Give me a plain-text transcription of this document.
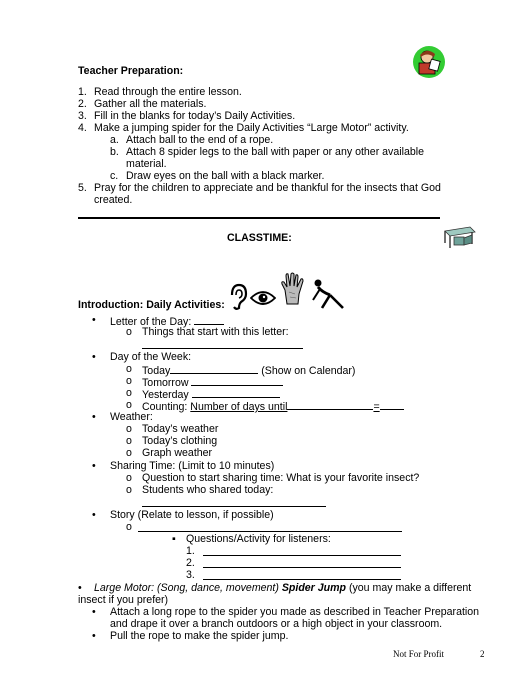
Teacher Preparation:
1. Read through the entire lesson.
2. Gather all the materials.
3. Fill in the blanks for today’s Daily Activities.
4. Make a jumping spider for the Daily Activities “Large Motor” activity.
a. Attach ball to the end of a rope.
b. Attach 8 spider legs to the ball with paper or any other available
material.
c. Draw eyes on the ball with a black marker.
5. Pray for the children to appreciate and be thankful for the insects that God
created.
CLASSTIME:
Introduction: Daily Activities:
• Letter of the Day:
o Things that start with this letter:
• Day of the Week:
o Today	(Show on Calendar)
o Tomorrow
o Yesterday
o Counting: Number of days until	=
• Weather:
o Today’s weather
o Today’s clothing
o Graph weather
• Sharing Time: (Limit to 10 minutes)
o Question to start sharing time: What is your favorite insect?
o Students who shared today:
• Story (Relate to lesson, if possible)
o
▪ Questions/Activity for listeners:
1.
2.
3.
• Large Motor: (Song, dance, movement) Spider Jump (you may make a different
insect if you prefer)
• Attach a long rope to the spider you made as described in Teacher Preparation
and drape it over a branch outdoors or a high object in your classroom.
• Pull the rope to make the spider jump.
Not For Profit	2
